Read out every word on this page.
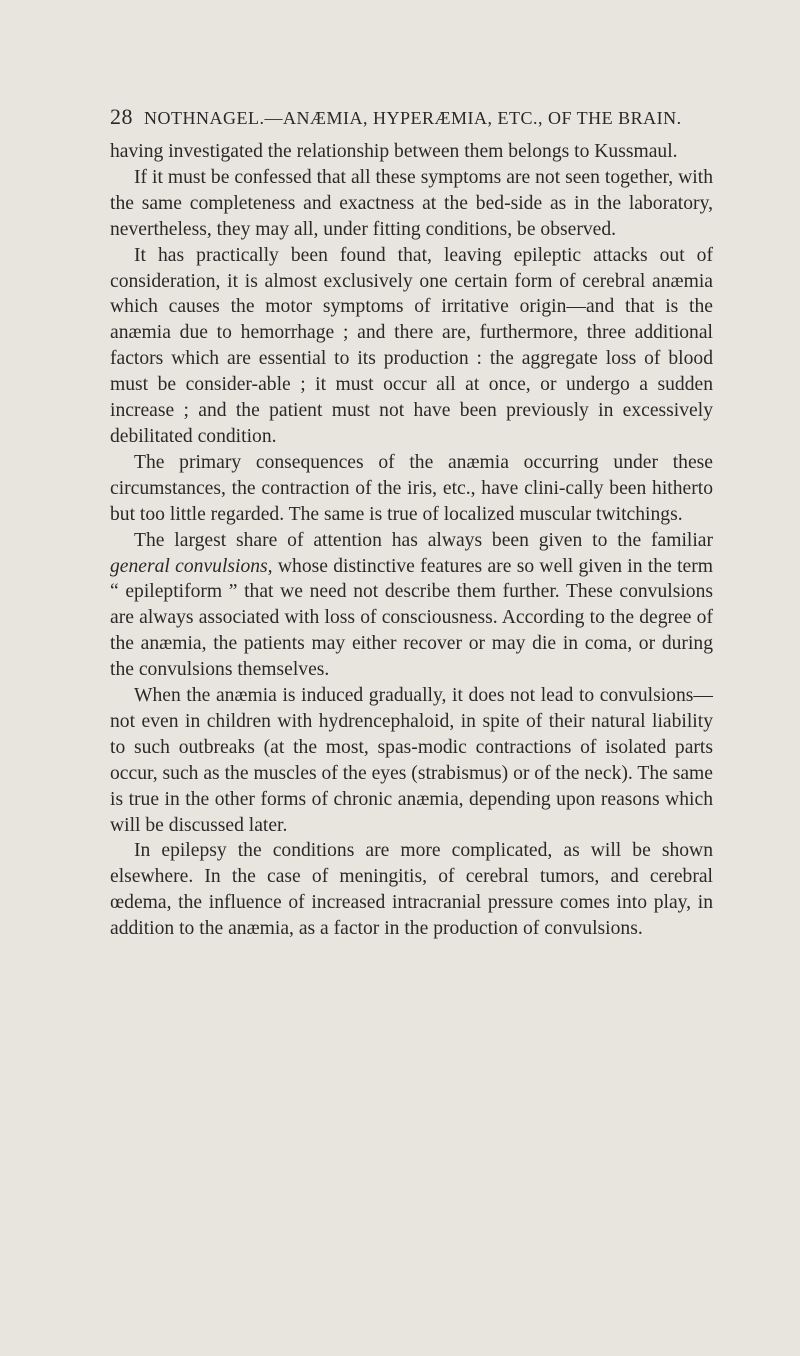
28 NOTHNAGEL.—ANÆMIA, HYPERÆMIA, ETC., OF THE BRAIN.

having investigated the relationship between them belongs to Kussmaul.

If it must be confessed that all these symptoms are not seen together, with the same completeness and exactness at the bed-side as in the laboratory, nevertheless, they may all, under fitting conditions, be observed.

It has practically been found that, leaving epileptic attacks out of consideration, it is almost exclusively one certain form of cerebral anæmia which causes the motor symptoms of irritative origin—and that is the anæmia due to hemorrhage ; and there are, furthermore, three additional factors which are essential to its production : the aggregate loss of blood must be consider-able ; it must occur all at once, or undergo a sudden increase ; and the patient must not have been previously in excessively debilitated condition.

The primary consequences of the anæmia occurring under these circumstances, the contraction of the iris, etc., have clini-cally been hitherto but too little regarded. The same is true of localized muscular twitchings.

The largest share of attention has always been given to the familiar general convulsions, whose distinctive features are so well given in the term “ epileptiform ” that we need not describe them further. These convulsions are always associated with loss of consciousness. According to the degree of the anæmia, the patients may either recover or may die in coma, or during the convulsions themselves.

When the anæmia is induced gradually, it does not lead to convulsions—not even in children with hydrencephaloid, in spite of their natural liability to such outbreaks (at the most, spas-modic contractions of isolated parts occur, such as the muscles of the eyes (strabismus) or of the neck). The same is true in the other forms of chronic anæmia, depending upon reasons which will be discussed later.

In epilepsy the conditions are more complicated, as will be shown elsewhere. In the case of meningitis, of cerebral tumors, and cerebral œdema, the influence of increased intracranial pressure comes into play, in addition to the anæmia, as a factor in the production of convulsions.
